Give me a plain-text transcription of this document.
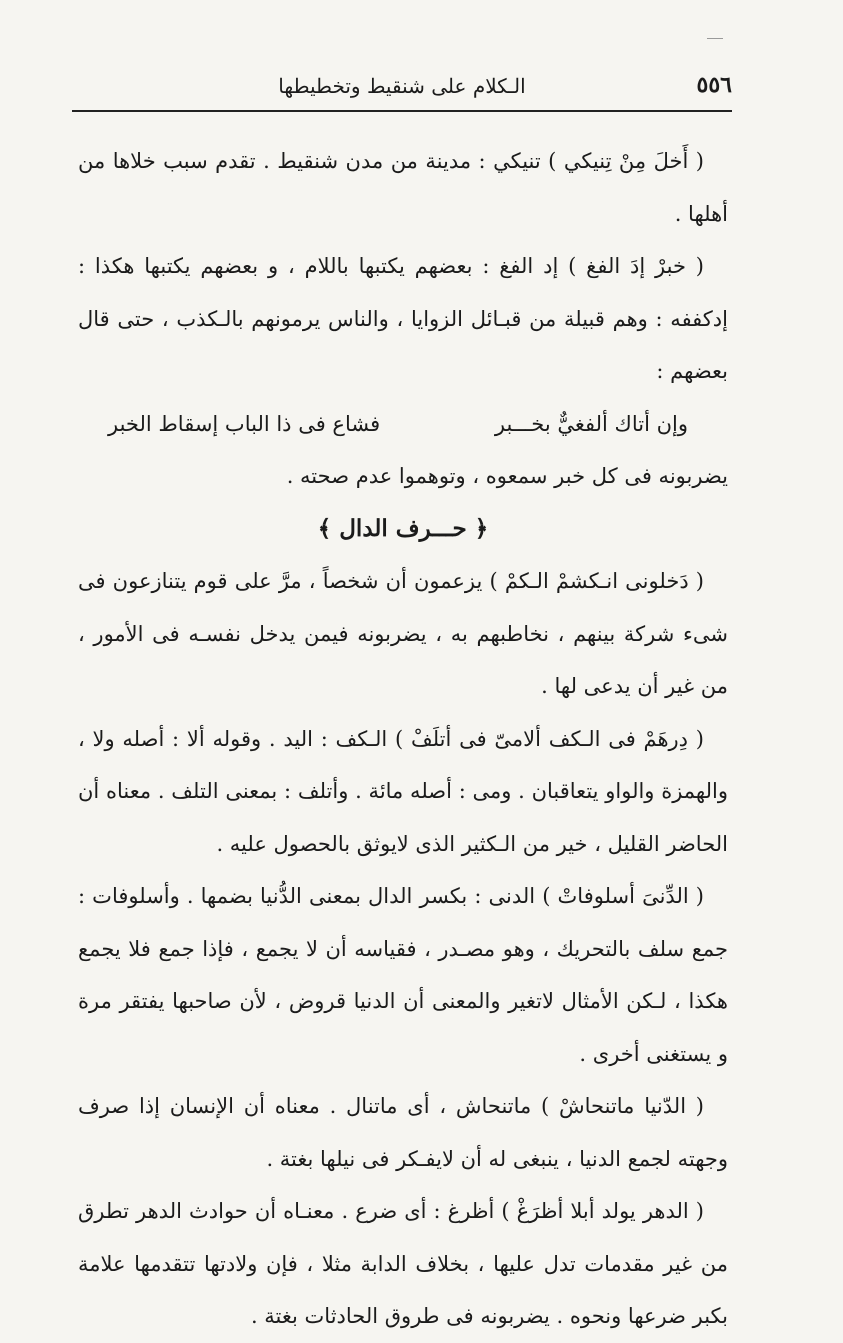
٥٥٦
الـكلام على شنقيط وتخطيطها

( أَخلَ مِنْ تِنيكي ) تنيكي : مدينة من مدن شنقيط . تقدم سبب خلاها من أهلها .

( خبرْ إدَ الفغ ) إد الفغ : بعضهم يكتبها باللام ، و بعضهم يكتبها هكذا : إدكففه : وهم قبيلة من قبـائل الزوايا ، والناس يرمونهم بالـكذب ، حتى قال بعضهم :

وإن أتاك ألفغيٌّ بخـــبر
فشاع فى ذا الباب إسقاط الخبر

يضربونه فى كل خبر سمعوه ، وتوهموا عدم صحته .

﴿ حـــرف الدال ﴾

( دَخلونى انـكشمْ الـكمْ ) يزعمون أن شخصاً ، مرَّ على قوم يتنازعون فى شىء شركة بينهم ، نخاطبهم به ، يضربونه فيمن يدخل نفسـه فى الأمور ، من غير أن يدعى لها .

( دِرهَمْ فى الـكف ألامىّ فى أتلَفْ ) الـكف : اليد . وقوله ألا : أصله ولا ، والهمزة والواو يتعاقبان . ومى : أصله مائة . وأتلف : بمعنى التلف . معناه أن الحاضر القليل ، خير من الـكثير الذى لايوثق بالحصول عليه .

( الدِّنىَ أسلوفاتْ ) الدنى : بكسر الدال بمعنى الدُّنيا بضمها . وأسلوفات : جمع سلف بالتحريك ، وهو مصـدر ، فقياسه أن لا يجمع ، فإذا جمع فلا يجمع هكذا ، لـكن الأمثال لاتغير والمعنى أن الدنيا قروض ، لأن صاحبها يفتقر مرة و يستغنى أخرى .

( الدّنيا ماتنحاشْ ) ماتنحاش ، أى ماتنال . معناه أن الإنسان إذا صرف وجهته لجمع الدنيا ، ينبغى له أن لايفـكر فى نيلها بغتة .

( الدهر يولد أبلا أظرَغْ ) أظرغ : أى ضرع . معنـاه أن حوادث الدهر تطرق من غير مقدمات تدل عليها ، بخلاف الدابة مثلا ، فإن ولادتها تتقدمها علامة بكبر ضرعها ونحوه . يضربونه فى طروق الحادثات بغتة .
